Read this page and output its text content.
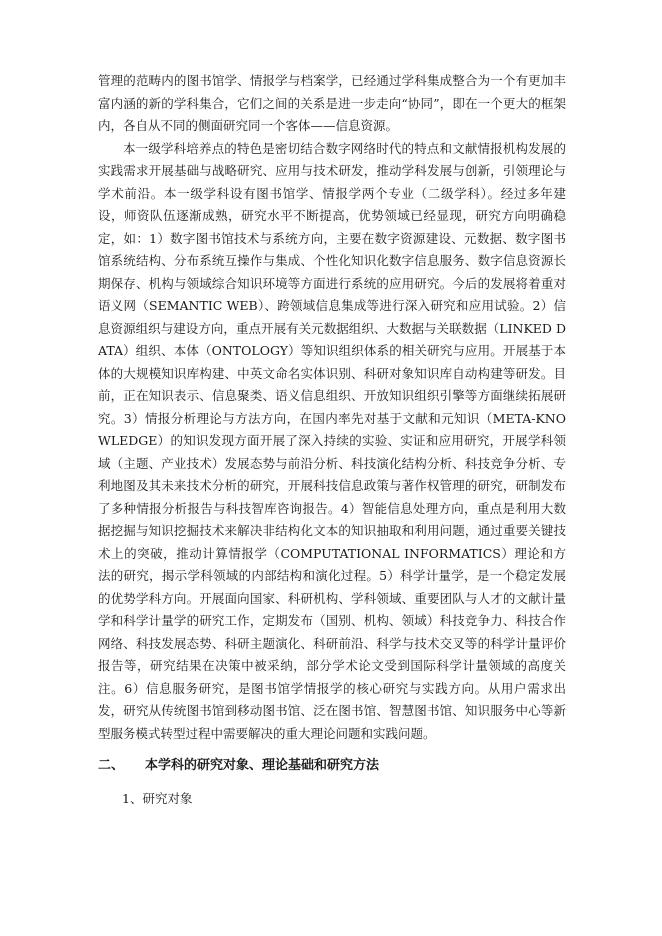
管理的范畴内的图书馆学、情报学与档案学，已经通过学科集成整合为一个有更加丰富内涵的新的学科集合，它们之间的关系是进一步走向“协同”，即在一个更大的框架内，各自从不同的侧面研究同一个客体——信息资源。

本一级学科培养点的特色是密切结合数字网络时代的特点和文献情报机构发展的实践需求开展基础与战略研究、应用与技术研发，推动学科发展与创新，引领理论与学术前沿。本一级学科设有图书馆学、情报学两个专业（二级学科）。经过多年建设，师资队伍逐渐成熟，研究水平不断提高，优势领域已经显现，研究方向明确稳定，如：1）数字图书馆技术与系统方向，主要在数字资源建设、元数据、数字图书馆系统结构、分布系统互操作与集成、个性化知识化数字信息服务、数字信息资源长期保存、机构与领域综合知识环境等方面进行系统的应用研究。今后的发展将着重对语义网（SEMANTIC WEB）、跨领域信息集成等进行深入研究和应用试验。2）信息资源组织与建设方向，重点开展有关元数据组织、大数据与关联数据（LINKED DATA）组织、本体（ONTOLOGY）等知识组织体系的相关研究与应用。开展基于本体的大规模知识库构建、中英文命名实体识别、科研对象知识库自动构建等研发。目前，正在知识表示、信息聚类、语义信息组织、开放知识组织引擎等方面继续拓展研究。3）情报分析理论与方法方向，在国内率先对基于文献和元知识（META-KNOWLEDGE）的知识发现方面开展了深入持续的实验、实证和应用研究，开展学科领域（主题、产业技术）发展态势与前沿分析、科技演化结构分析、科技竞争分析、专利地图及其未来技术分析的研究，开展科技信息政策与著作权管理的研究，研制发布了多种情报分析报告与科技智库咨询报告。4）智能信息处理方向，重点是利用大数据挖掘与知识挖掘技术来解决非结构化文本的知识抽取和利用问题，通过重要关键技术上的突破，推动计算情报学（COMPUTATIONAL INFORMATICS）理论和方法的研究，揭示学科领域的内部结构和演化过程。5）科学计量学，是一个稳定发展的优势学科方向。开展面向国家、科研机构、学科领域、重要团队与人才的文献计量学和科学计量学的研究工作，定期发布（国别、机构、领域）科技竞争力、科技合作网络、科技发展态势、科研主题演化、科研前沿、科学与技术交叉等的科学计量评价报告等，研究结果在决策中被采纳，部分学术论文受到国际科学计量领域的高度关注。6）信息服务研究，是图书馆学情报学的核心研究与实践方向。从用户需求出发，研究从传统图书馆到移动图书馆、泛在图书馆、智慧图书馆、知识服务中心等新型服务模式转型过程中需要解决的重大理论问题和实践问题。

二、	本学科的研究对象、理论基础和研究方法
1、研究对象
